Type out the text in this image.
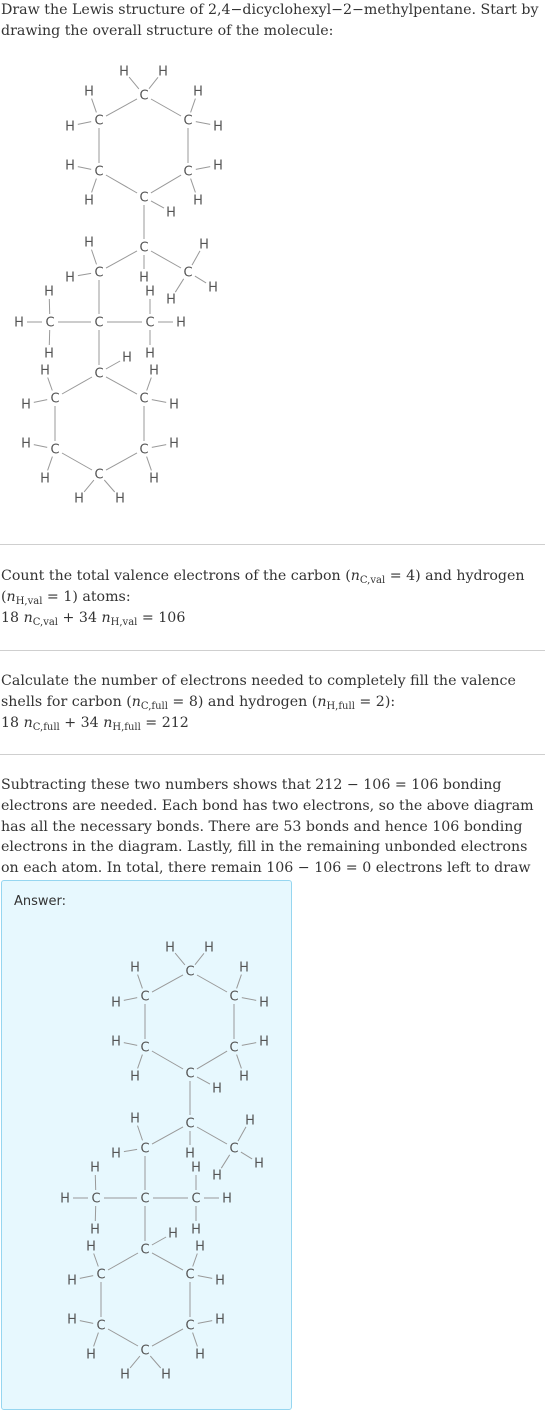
Draw the Lewis structure of 2,4−dicyclohexyl−2−methylpentane. Start by drawing the overall structure of the molecule:

C
C
C
C
C
C
C
C	C
C
C	C
C
C
C
C
C
C
H H
H
H
H
H
H
H
H
H
H
H
H	H
H
H
H
H
H
H
H
H
H
H
H
H
H
H
H H
H
H
H
H

Count the total valence electrons of the carbon $(n_{C,val} = 4)$ and hydrogen $(n_{H,val} = 1)$ atoms:

18 $n_{C,val} + 34$ $n_{H,val} = 106$

Calculate the number of electrons needed to completely fill the valence shells for carbon $(n_{C,full} = 8)$ and hydrogen $(n_{H,full} = 2)$:

18 $n_{C,full} + 34$ $n_{H,full} = 212$

Subtracting these two numbers shows that 212 − 106 = 106 bonding electrons are needed. Each bond has two electrons, so the above diagram has all the necessary bonds. There are 53 bonds and hence 106 bonding electrons in the diagram. Lastly, fill in the remaining unbonded electrons on each atom. In total, there remain 106 − 106 = 0 electrons left to draw

Answer:
C
C
C
C
C
C
C
C	C
C
C	C
C
C
C
C
C
C
H H
H
H
H
H
H
H
H
H
H
H
H	H
H
H
H
H
H
H
H
H
H
H
H
H
H
H
H H
H
H
H
H
